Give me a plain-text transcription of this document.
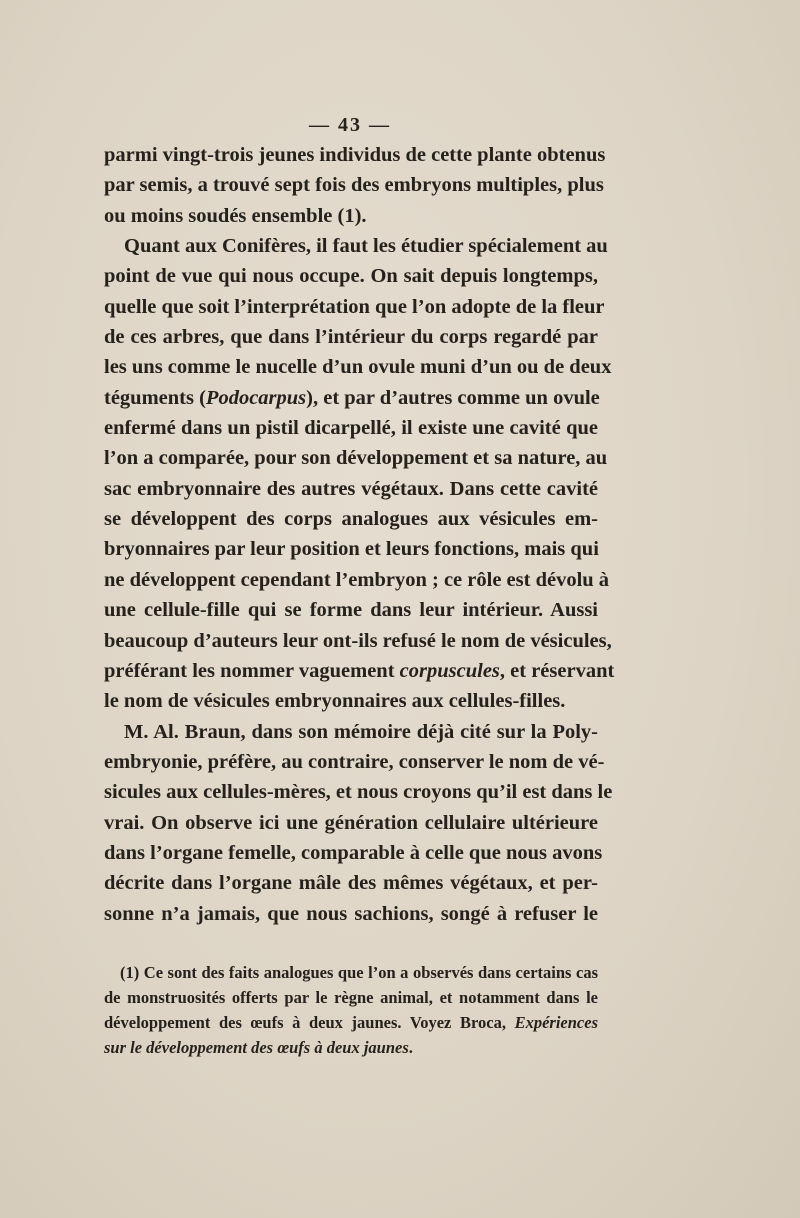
— 43 —
parmi vingt-trois jeunes individus de cette plante obtenus
par semis, a trouvé sept fois des embryons multiples, plus
ou moins soudés ensemble (1).
Quant aux Conifères, il faut les étudier spécialement au
point de vue qui nous occupe. On sait depuis longtemps,
quelle que soit l’interprétation que l’on adopte de la fleur
de ces arbres, que dans l’intérieur du corps regardé par
les uns comme le nucelle d’un ovule muni d’un ou de deux
téguments (Podocarpus), et par d’autres comme un ovule
enfermé dans un pistil dicarpellé, il existe une cavité que
l’on a comparée, pour son développement et sa nature, au
sac embryonnaire des autres végétaux. Dans cette cavité
se développent des corps analogues aux vésicules em-
bryonnaires par leur position et leurs fonctions, mais qui
ne développent cependant l’embryon ; ce rôle est dévolu à
une cellule-fille qui se forme dans leur intérieur. Aussi
beaucoup d’auteurs leur ont-ils refusé le nom de vésicules,
préférant les nommer vaguement corpuscules, et réservant
le nom de vésicules embryonnaires aux cellules-filles.
M. Al. Braun, dans son mémoire déjà cité sur la Poly-
embryonie, préfère, au contraire, conserver le nom de vé-
sicules aux cellules-mères, et nous croyons qu’il est dans le
vrai. On observe ici une génération cellulaire ultérieure
dans l’organe femelle, comparable à celle que nous avons
décrite dans l’organe mâle des mêmes végétaux, et per-
sonne n’a jamais, que nous sachions, songé à refuser le
(1) Ce sont des faits analogues que l’on a observés dans certains cas
de monstruosités offerts par le règne animal, et notamment dans le
développement des œufs à deux jaunes. Voyez Broca, Expériences
sur le développement des œufs à deux jaunes.
